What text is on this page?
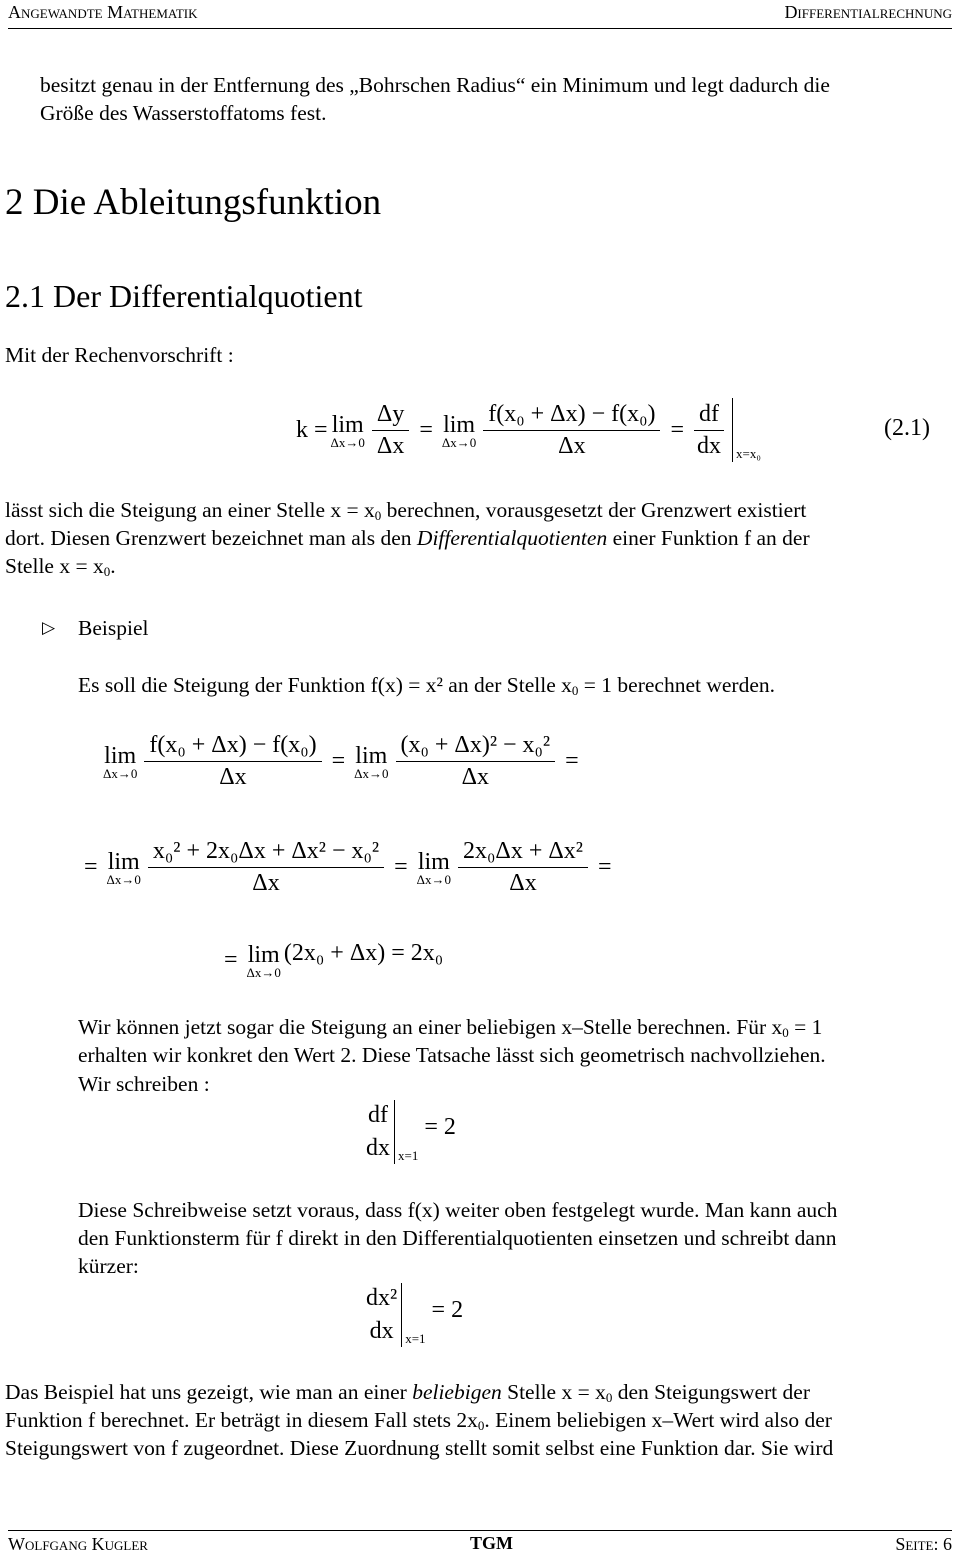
Angewandte Mathematik	Differentialrechnung
besitzt genau in der Entfernung des „Bohrschen Radius“ ein Minimum und legt dadurch die
Größe des Wasserstoffatoms fest.
2 Die Ableitungsfunktion
2.1 Der Differentialquotient
Mit der Rechenvorschrift :
k = lim
$\Delta x\to 0 \frac{\Delta y}{\Delta x} = \lim$
$\Delta x\to 0 \frac{\text{f(x₀ + Δx) − f(x₀)}}{\Delta x} = \frac{df}{dx} x=x_0$
(2.1)
lässt sich die Steigung an einer Stelle $x = x_0$ berechnen, vorausgesetzt der Grenzwert existiert
dort. Diesen Grenzwert bezeichnet man als den Differentialquotienten einer Funktion f an der
Stelle $x = x_0$.
▷ Beispiel
Es soll die Steigung der Funktion f(x) = x² an der Stelle $x_0 = 1$ berechnet werden.
lim
$\Delta x\to 0 \frac{\text{f(x₀ + Δx) − f(x₀)}}{\Delta x} = \lim$
$\Delta x\to 0 \frac{\text{(x₀ + Δx)² − x₀²}}{\Delta x}$ =
= lim
$\Delta x\to 0 \frac{\text{x₀² + 2x₀Δx + Δx² − x₀²}}{\Delta x} = \lim$
$\Delta x\to 0 \frac{\text{2x₀Δx + Δx²}}{\Delta x}$ =
= lim
Δx→0
(2x₀ + Δx) = 2x₀
Wir können jetzt sogar die Steigung an einer beliebigen x–Stelle berechnen. Für $x_0 = 1$
erhalten wir konkret den Wert 2. Diese Tatsache lässt sich geometrisch nachvollziehen.
Wir schreiben :
df
dx x=1
= 2
Diese Schreibweise setzt voraus, dass f(x) weiter oben festgelegt wurde. Man kann auch
den Funktionsterm für f direkt in den Differentialquotienten einsetzen und schreibt dann
kürzer:
dx²
dx x=1
= 2
Das Beispiel hat uns gezeigt, wie man an einer beliebigen Stelle $x = x_0$ den Steigungswert der
Funktion f berechnet. Er beträgt in diesem Fall stets $2x_0$. Einem beliebigen x–Wert wird also der
Steigungswert von f zugeordnet. Diese Zuordnung stellt somit selbst eine Funktion dar. Sie wird
Wolfgang Kugler	TGM	Seite: 6
